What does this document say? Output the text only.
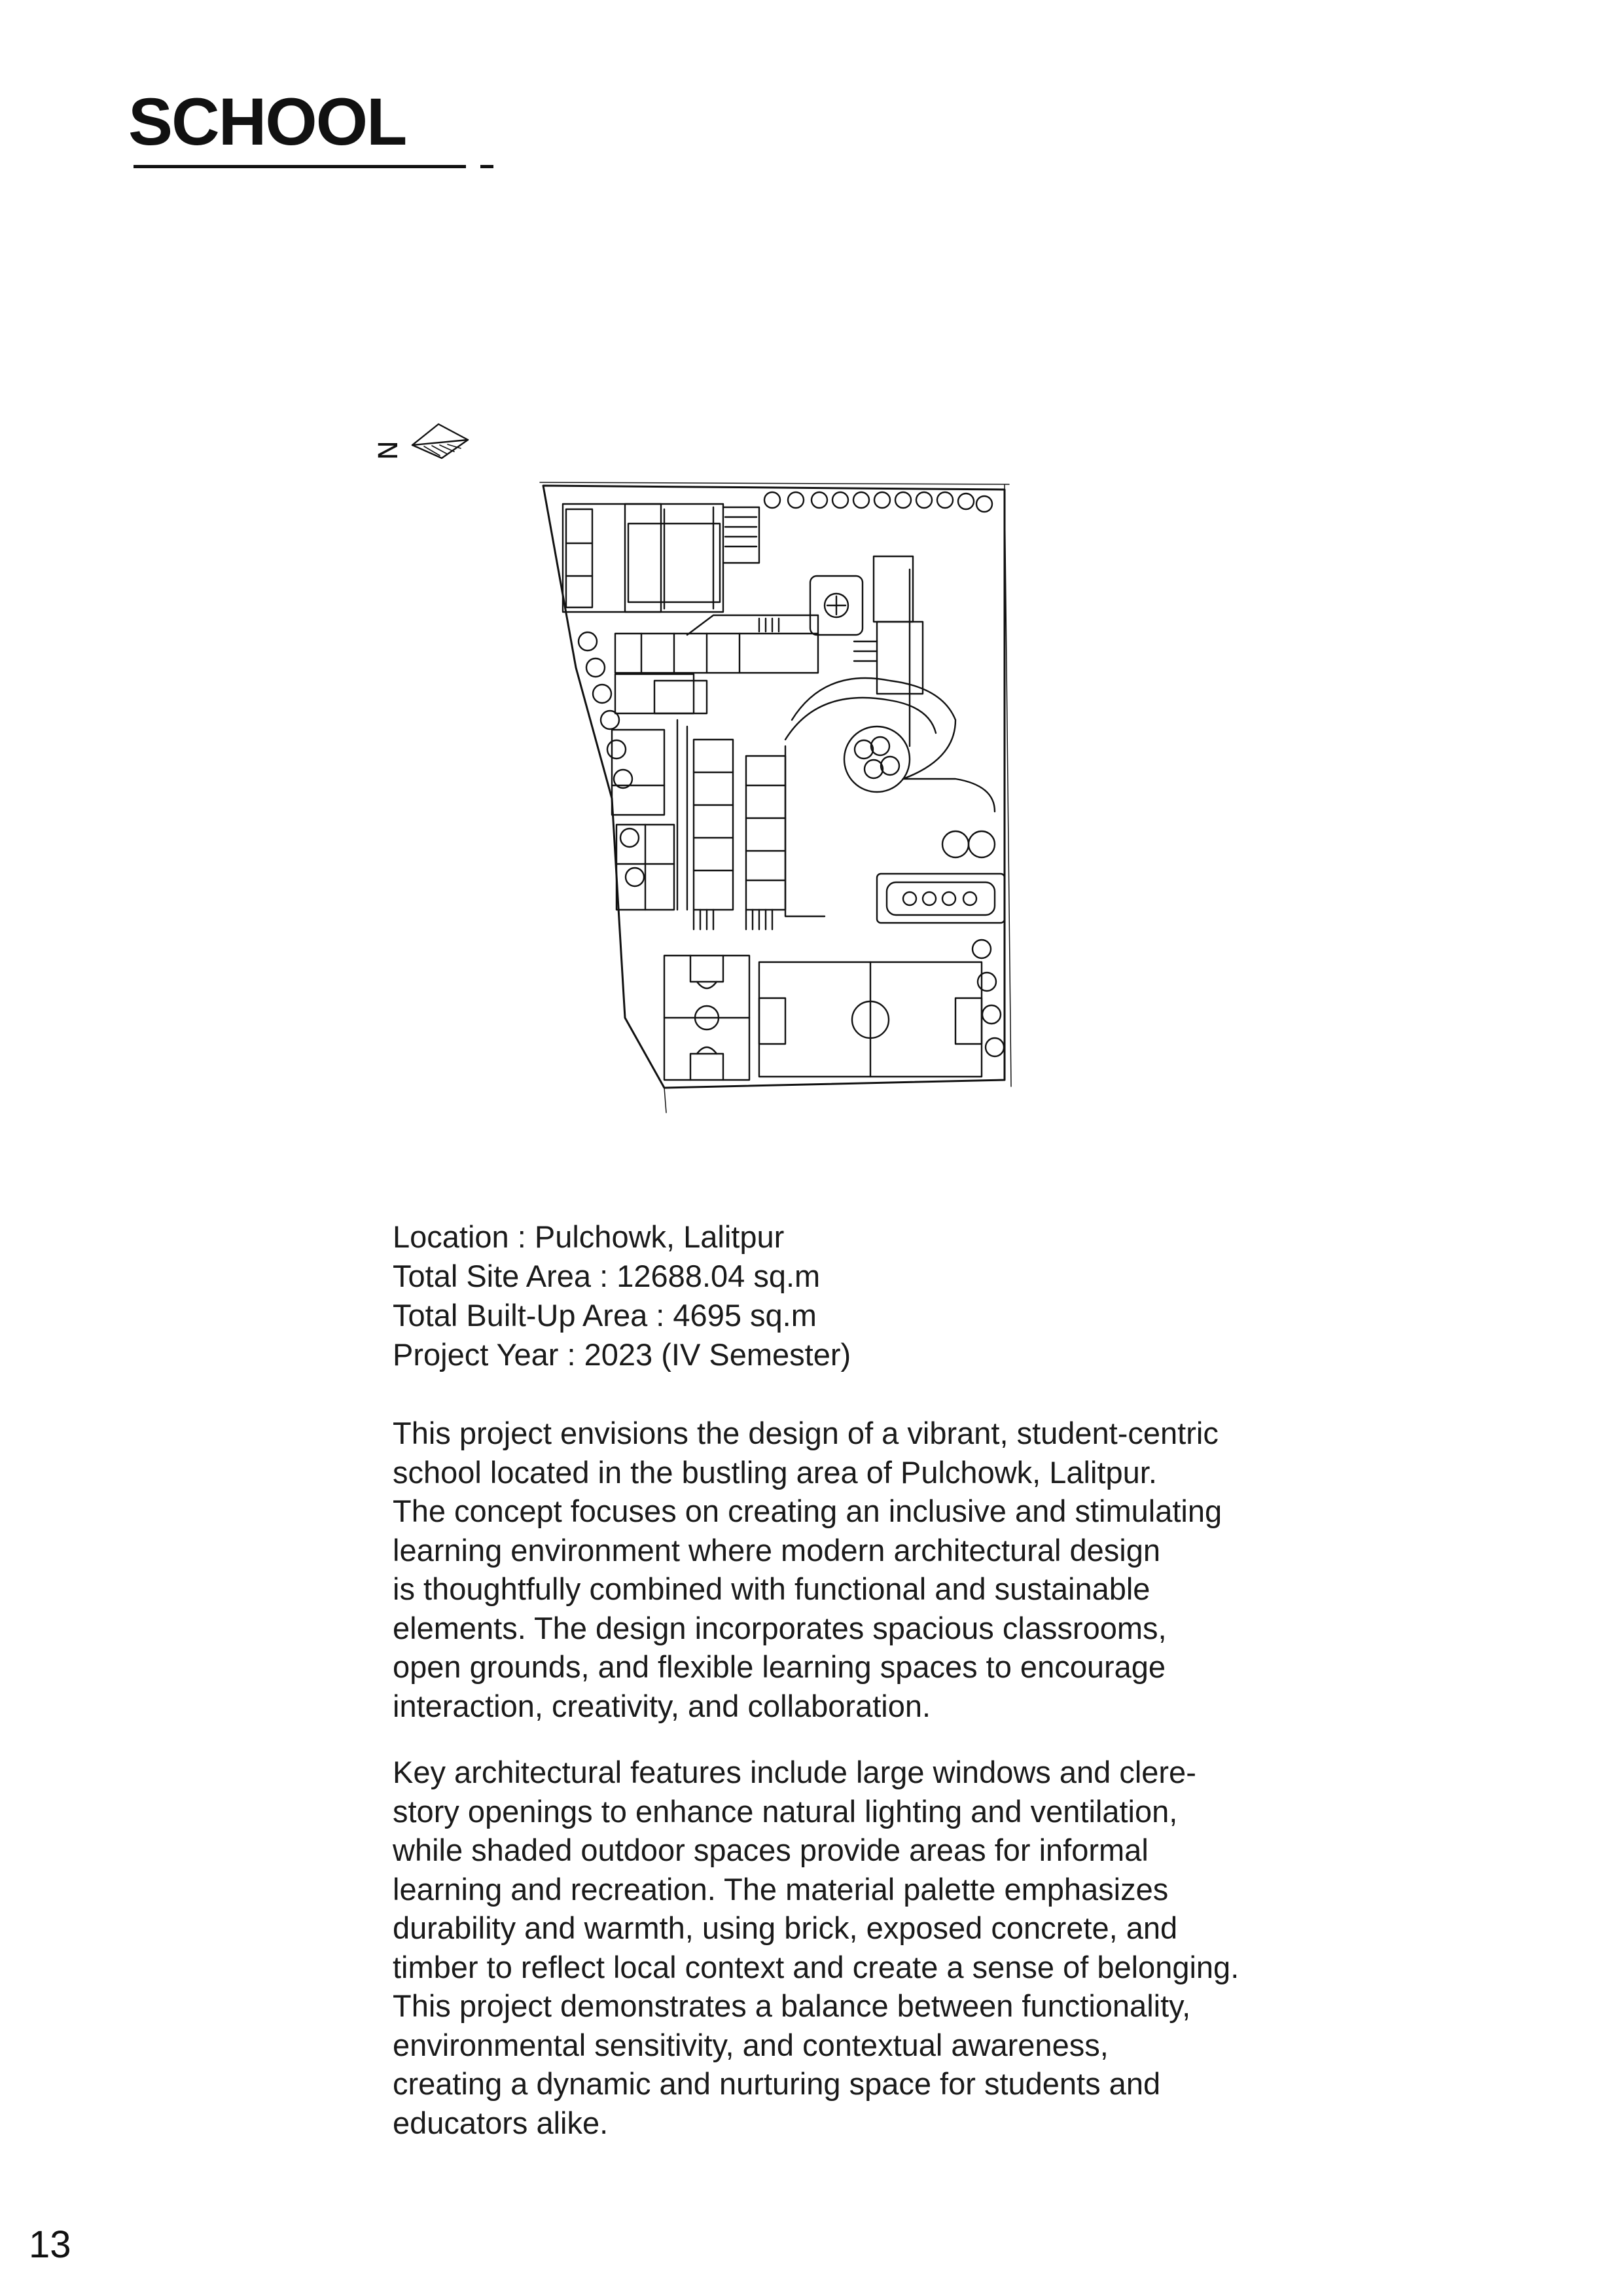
SCHOOL
N
Location : Pulchowk, Lalitpur
Total Site Area : 12688.04 sq.m
Total Built-Up Area : 4695 sq.m
Project Year : 2023 (IV Semester)
This project envisions the design of a vibrant, student-centric
school located in the bustling area of Pulchowk, Lalitpur.
The concept focuses on creating an inclusive and stimulating
learning environment where modern architectural design
is thoughtfully combined with functional and sustainable
elements. The design incorporates spacious classrooms,
open grounds, and flexible learning spaces to encourage
interaction, creativity, and collaboration.
Key architectural features include large windows and clere-
story openings to enhance natural lighting and ventilation,
while shaded outdoor spaces provide areas for informal
learning and recreation. The material palette emphasizes
durability and warmth, using brick, exposed concrete, and
timber to reflect local context and create a sense of belonging.
This project demonstrates a balance between functionality,
environmental sensitivity, and contextual awareness,
creating a dynamic and nurturing space for students and
educators alike.
13
